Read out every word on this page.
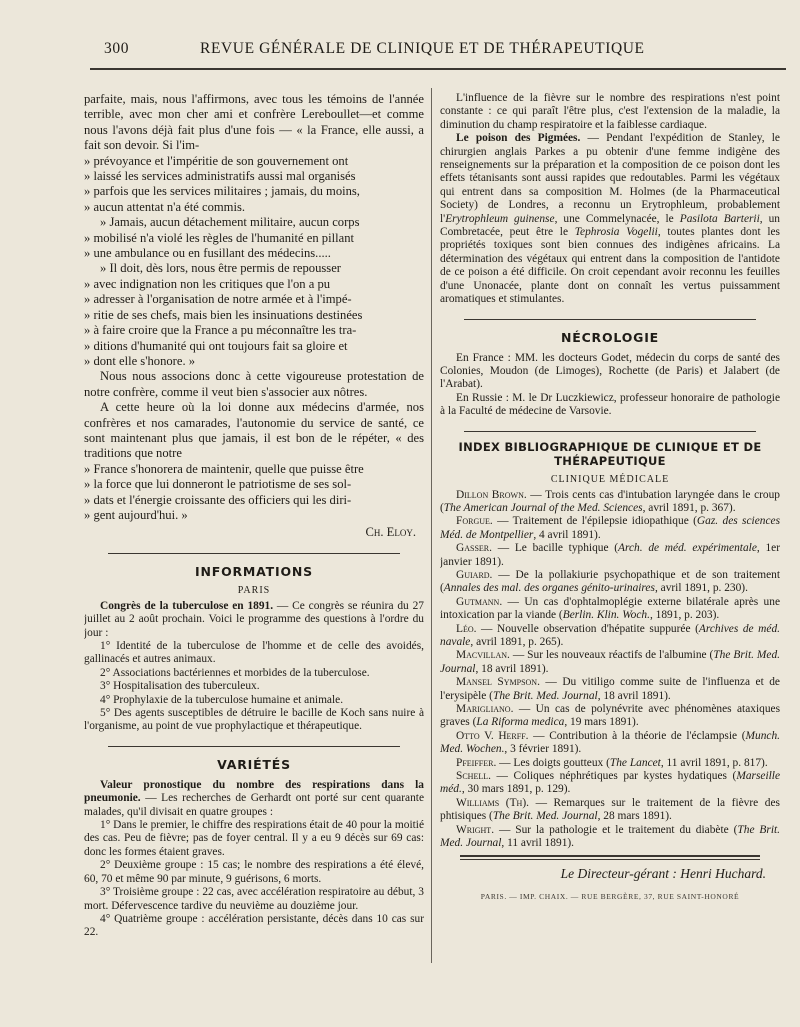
300	REVUE GÉNÉRALE DE CLINIQUE ET DE THÉRAPEUTIQUE

parfaite, mais, nous l'affirmons, avec tous les témoins de l'année terrible, avec mon cher ami et confrère Lereboullet—et comme nous l'avons déjà fait plus d'une fois — « la France, elle aussi, a fait son devoir. Si l'im-

» prévoyance et l'impéritie de son gouvernement ont

» laissé les services administratifs aussi mal organisés

» parfois que les services militaires ; jamais, du moins,

» aucun attentat n'a été commis.

» Jamais, aucun détachement militaire, aucun corps

» mobilisé n'a violé les règles de l'humanité en pillant

» une ambulance ou en fusillant des médecins.....

» Il doit, dès lors, nous être permis de repousser

» avec indignation non les critiques que l'on a pu

» adresser à l'organisation de notre armée et à l'impé-

» ritie de ses chefs, mais bien les insinuations destinées

» à faire croire que la France a pu méconnaître les tra-

» ditions d'humanité qui ont toujours fait sa gloire et

» dont elle s'honore. »

Nous nous associons donc à cette vigoureuse protestation de notre confrère, comme il veut bien s'associer aux nôtres.

A cette heure où la loi donne aux médecins d'armée, nos confrères et nos camarades, l'autonomie du service de santé, ce sont maintenant plus que jamais, il est bon de le répéter, « des traditions que notre

» France s'honorera de maintenir, quelle que puisse être

» la force que lui donneront le patriotisme de ses sol-

» dats et l'énergie croissante des officiers qui les diri-

» gent aujourd'hui. »

Ch. Eloy.

INFORMATIONS
PARIS

Congrès de la tuberculose en 1891. — Ce congrès se réunira du 27 juillet au 2 août prochain. Voici le programme des questions à l'ordre du jour :

1° Identité de la tuberculose de l'homme et de celle des avoidés, gallinacés et autres animaux.

2° Associations bactériennes et morbides de la tuberculose.

3° Hospitalisation des tuberculeux.

4° Prophylaxie de la tuberculose humaine et animale.

5° Des agents susceptibles de détruire le bacille de Koch sans nuire à l'organisme, au point de vue prophylactique et thérapeutique.

VARIÉTÉS

Valeur pronostique du nombre des respirations dans la pneumonie. — Les recherches de Gerhardt ont porté sur cent quarante malades, qu'il divisait en quatre groupes :

1° Dans le premier, le chiffre des respirations était de 40 pour la moitié des cas. Peu de fièvre; pas de foyer central. Il y a eu 9 décès sur 69 cas: donc les formes étaient graves.

2° Deuxième groupe : 15 cas; le nombre des respirations a été élevé, 60, 70 et même 90 par minute, 9 guérisons, 6 morts.

3° Troisième groupe : 22 cas, avec accélération respiratoire au début, 3 mort. Défervescence tardive du neuvième au douzième jour.

4° Quatrième groupe : accélération persistante, décès dans 10 cas sur 22.

L'influence de la fièvre sur le nombre des respirations n'est point constante : ce qui paraît l'être plus, c'est l'extension de la maladie, la diminution du champ respiratoire et la faiblesse cardiaque.

Le poison des Pigmées. — Pendant l'expédition de Stanley, le chirurgien anglais Parkes a pu obtenir d'une femme indigène des renseignements sur la préparation et la composition de ce poison dont les effets tétanisants sont aussi rapides que redoutables. Parmi les végétaux qui entrent dans sa composition M. Holmes (de la Pharmaceutical Society) de Londres, a reconnu un Erytrophleum, probablement l'Erytrophleum guinense, une Commelynacée, le Pasilota Barterii, un Combretacée, peut être le Tephrosia Vogelii, toutes plantes dont les propriétés toxiques sont bien connues des indigènes africains. La détermination des végétaux qui entrent dans la composition de l'antidote de ce poison a été difficile. On croit cependant avoir reconnu les feuilles d'une Unonacée, plante dont on connaît les vertus puissamment aromatiques et stimulantes.

NÉCROLOGIE

En France : MM. les docteurs Godet, médecin du corps de santé des Colonies, Moudon (de Limoges), Rochette (de Paris) et Jalabert (de l'Arabat).

En Russie : M. le Dr Luczkiewicz, professeur honoraire de pathologie à la Faculté de médecine de Varsovie.

INDEX BIBLIOGRAPHIQUE DE CLINIQUE ET DE THÉRAPEUTIQUE
CLINIQUE MÉDICALE

Dillon Brown. — Trois cents cas d'intubation laryngée dans le croup (The American Journal of the Med. Sciences, avril 1891, p. 367).

Forgue. — Traitement de l'épilepsie idiopathique (Gaz. des sciences Méd. de Montpellier, 4 avril 1891).

Gasser. — Le bacille typhique (Arch. de méd. expérimentale, 1er janvier 1891).

Guiard. — De la pollakiurie psychopathique et de son traitement (Annales des mal. des organes génito-urinaires, avril 1891, p. 230).

Gutmann. — Un cas d'ophtalmoplégie externe bilatérale après une intoxication par la viande (Berlin. Klin. Woch., 1891, p. 203).

Léo. — Nouvelle observation d'hépatite suppurée (Archives de méd. navale, avril 1891, p. 265).

Macvillan. — Sur les nouveaux réactifs de l'albumine (The Brit. Med. Journal, 18 avril 1891).

Mansel Sympson. — Du vitiligo comme suite de l'influenza et de l'erysipèle (The Brit. Med. Journal, 18 avril 1891).

Marigliano. — Un cas de polynévrite avec phénomènes ataxiques graves (La Riforma medica, 19 mars 1891).

Otto V. Herff. — Contribution à la théorie de l'éclampsie (Munch. Med. Wochen., 3 février 1891).

Pfeiffer. — Les doigts goutteux (The Lancet, 11 avril 1891, p. 817).

Schell. — Coliques néphrétiques par kystes hydatiques (Marseille méd., 30 mars 1891, p. 129).

Williams (Th). — Remarques sur le traitement de la fièvre des phtisiques (The Brit. Med. Journal, 28 mars 1891).

Wright. — Sur la pathologie et le traitement du diabète (The Brit. Med. Journal, 11 avril 1891).

Le Directeur-gérant : Henri Huchard.

PARIS. — IMP. CHAIX. — RUE BERGÈRE, 37, RUE SAINT-HONORÉ
